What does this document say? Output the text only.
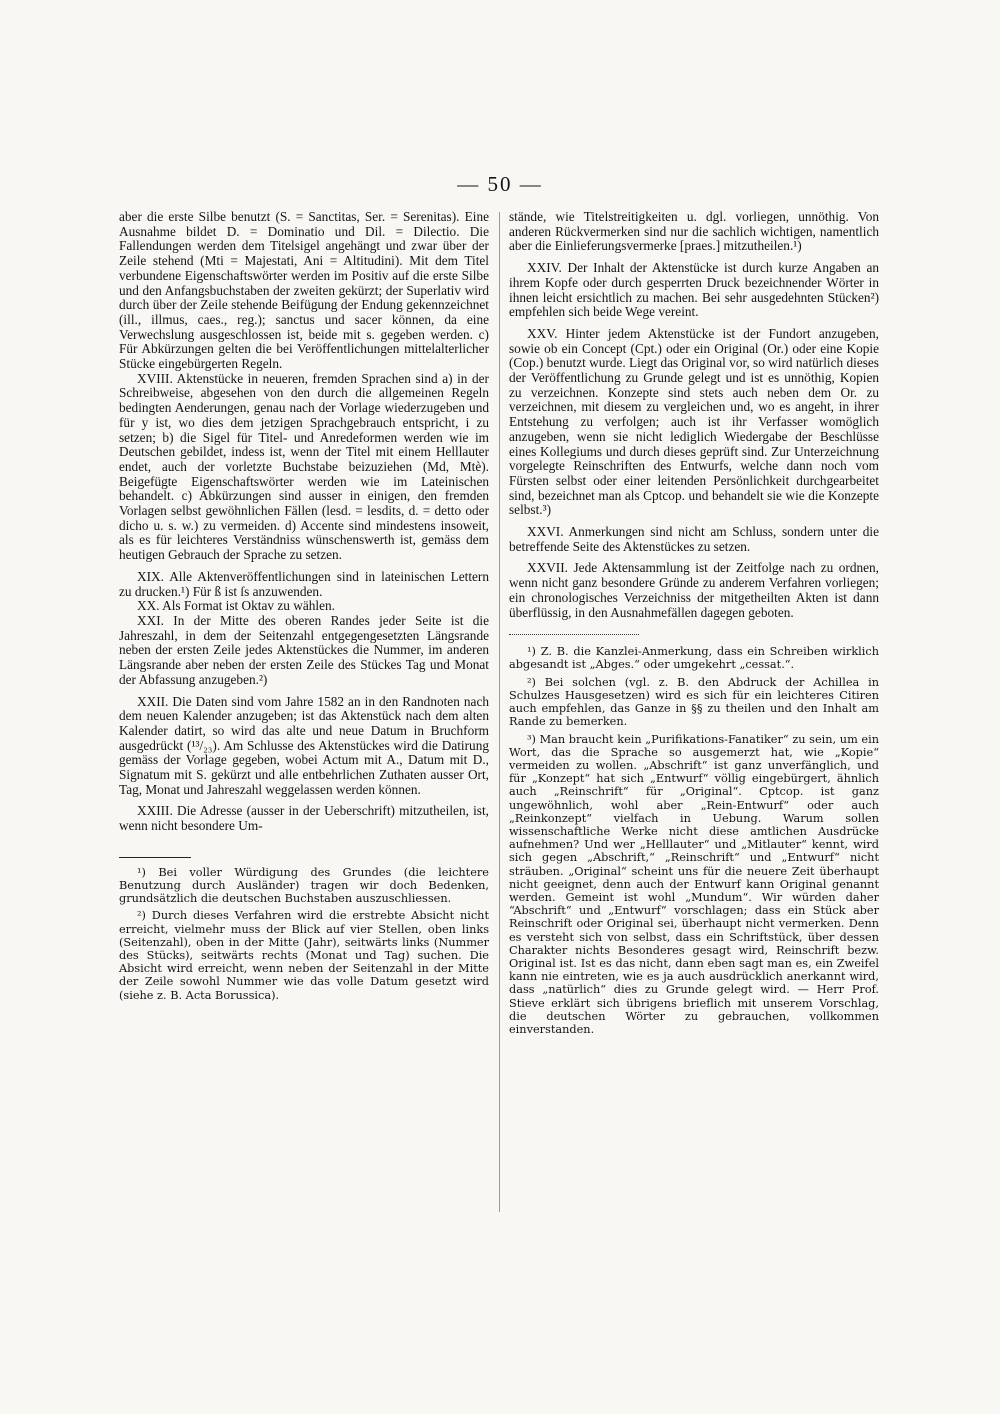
— 50 —

aber die erste Silbe benutzt (S. = Sanctitas, Ser. = Serenitas). Eine Ausnahme bildet D. = Dominatio und Dil. = Dilectio. Die Fallendungen werden dem Titelsigel angehängt und zwar über der Zeile stehend (Mti = Majestati, Ani = Altitudini). Mit dem Titel verbundene Eigenschaftswörter werden im Positiv auf die erste Silbe und den Anfangsbuchstaben der zweiten gekürzt; der Superlativ wird durch über der Zeile stehende Beifügung der Endung gekennzeichnet (ill., illmus, caes., reg.); sanctus und sacer können, da eine Verwechslung ausgeschlossen ist, beide mit s. gegeben werden. c) Für Abkürzungen gelten die bei Veröffentlichungen mittelalterlicher Stücke eingebürgerten Regeln.

XVIII. Aktenstücke in neueren, fremden Sprachen sind a) in der Schreibweise, abgesehen von den durch die allgemeinen Regeln bedingten Aenderungen, genau nach der Vorlage wiederzugeben und für y ist, wo dies dem jetzigen Sprachgebrauch entspricht, i zu setzen; b) die Sigel für Titel- und Anredeformen werden wie im Deutschen gebildet, indess ist, wenn der Titel mit einem Helllauter endet, auch der vorletzte Buchstabe beizuziehen (Md, Mtè). Beigefügte Eigenschaftswörter werden wie im Lateinischen behandelt. c) Abkürzungen sind ausser in einigen, den fremden Vorlagen selbst gewöhnlichen Fällen (lesd. = lesdits, d. = detto oder dicho u. s. w.) zu vermeiden. d) Accente sind mindestens insoweit, als es für leichteres Verständniss wünschenswerth ist, gemäss dem heutigen Gebrauch der Sprache zu setzen.

XIX. Alle Aktenveröffentlichungen sind in lateinischen Lettern zu drucken.¹) Für ß ist ſs anzuwenden.

XX. Als Format ist Oktav zu wählen.

XXI. In der Mitte des oberen Randes jeder Seite ist die Jahreszahl, in dem der Seitenzahl entgegengesetzten Längsrande neben der ersten Zeile jedes Aktenstückes die Nummer, im anderen Längsrande aber neben der ersten Zeile des Stückes Tag und Monat der Abfassung anzugeben.²)

XXII. Die Daten sind vom Jahre 1582 an in den Randnoten nach dem neuen Kalender anzugeben; ist das Aktenstück nach dem alten Kalender datirt, so wird das alte und neue Datum in Bruchform ausgedrückt (¹³/₂₃). Am Schlusse des Aktenstückes wird die Datirung gemäss der Vorlage gegeben, wobei Actum mit A., Datum mit D., Signatum mit S. gekürzt und alle entbehrlichen Zuthaten ausser Ort, Tag, Monat und Jahreszahl weggelassen werden können.

XXIII. Die Adresse (ausser in der Ueberschrift) mitzutheilen, ist, wenn nicht besondere Um-

¹) Bei voller Würdigung des Grundes (die leichtere Benutzung durch Ausländer) tragen wir doch Bedenken, grundsätzlich die deutschen Buchstaben auszuschliessen.

²) Durch dieses Verfahren wird die erstrebte Absicht nicht erreicht, vielmehr muss der Blick auf vier Stellen, oben links (Seitenzahl), oben in der Mitte (Jahr), seitwärts links (Nummer des Stücks), seitwärts rechts (Monat und Tag) suchen. Die Absicht wird erreicht, wenn neben der Seitenzahl in der Mitte der Zeile sowohl Nummer wie das volle Datum gesetzt wird (siehe z. B. Acta Borussica).

stände, wie Titelstreitigkeiten u. dgl. vorliegen, unnöthig. Von anderen Rückvermerken sind nur die sachlich wichtigen, namentlich aber die Einlieferungsvermerke [praes.] mitzutheilen.¹)

XXIV. Der Inhalt der Aktenstücke ist durch kurze Angaben an ihrem Kopfe oder durch gesperrten Druck bezeichnender Wörter in ihnen leicht ersichtlich zu machen. Bei sehr ausgedehnten Stücken²) empfehlen sich beide Wege vereint.

XXV. Hinter jedem Aktenstücke ist der Fundort anzugeben, sowie ob ein Concept (Cpt.) oder ein Original (Or.) oder eine Kopie (Cop.) benutzt wurde. Liegt das Original vor, so wird natürlich dieses der Veröffentlichung zu Grunde gelegt und ist es unnöthig, Kopien zu verzeichnen. Konzepte sind stets auch neben dem Or. zu verzeichnen, mit diesem zu vergleichen und, wo es angeht, in ihrer Entstehung zu verfolgen; auch ist ihr Verfasser womöglich anzugeben, wenn sie nicht lediglich Wiedergabe der Beschlüsse eines Kollegiums und durch dieses geprüft sind. Zur Unterzeichnung vorgelegte Reinschriften des Entwurfs, welche dann noch vom Fürsten selbst oder einer leitenden Persönlichkeit durchgearbeitet sind, bezeichnet man als Cptcop. und behandelt sie wie die Konzepte selbst.³)

XXVI. Anmerkungen sind nicht am Schluss, sondern unter die betreffende Seite des Aktenstückes zu setzen.

XXVII. Jede Aktensammlung ist der Zeitfolge nach zu ordnen, wenn nicht ganz besondere Gründe zu anderem Verfahren vorliegen; ein chronologisches Verzeichniss der mitgetheilten Akten ist dann überflüssig, in den Ausnahmefällen dagegen geboten.

¹) Z. B. die Kanzlei-Anmerkung, dass ein Schreiben wirklich abgesandt ist „Abges.“ oder umgekehrt „cessat.“.

²) Bei solchen (vgl. z. B. den Abdruck der Achillea in Schulzes Hausgesetzen) wird es sich für ein leichteres Citiren auch empfehlen, das Ganze in §§ zu theilen und den Inhalt am Rande zu bemerken.

³) Man braucht kein „Purifikations-Fanatiker“ zu sein, um ein Wort, das die Sprache so ausgemerzt hat, wie „Kopie“ vermeiden zu wollen. „Abschrift“ ist ganz unverfänglich, und für „Konzept“ hat sich „Entwurf“ völlig eingebürgert, ähnlich auch „Reinschrift“ für „Original“. Cptcop. ist ganz ungewöhnlich, wohl aber „Rein-Entwurf“ oder auch „Reinkonzept“ vielfach in Uebung. Warum sollen wissenschaftliche Werke nicht diese amtlichen Ausdrücke aufnehmen? Und wer „Helllauter“ und „Mitlauter“ kennt, wird sich gegen „Abschrift,“ „Reinschrift“ und „Entwurf“ nicht sträuben. „Original“ scheint uns für die neuere Zeit überhaupt nicht geeignet, denn auch der Entwurf kann Original genannt werden. Gemeint ist wohl „Mundum“. Wir würden daher “Abschrift“ und „Entwurf“ vorschlagen; dass ein Stück aber Reinschrift oder Original sei, überhaupt nicht vermerken. Denn es versteht sich von selbst, dass ein Schriftstück, über dessen Charakter nichts Besonderes gesagt wird, Reinschrift bezw. Original ist. Ist es das nicht, dann eben sagt man es, ein Zweifel kann nie eintreten, wie es ja auch ausdrücklich anerkannt wird, dass „natürlich“ dies zu Grunde gelegt wird. — Herr Prof. Stieve erklärt sich übrigens brieflich mit unserem Vorschlag, die deutschen Wörter zu gebrauchen, vollkommen einverstanden.
